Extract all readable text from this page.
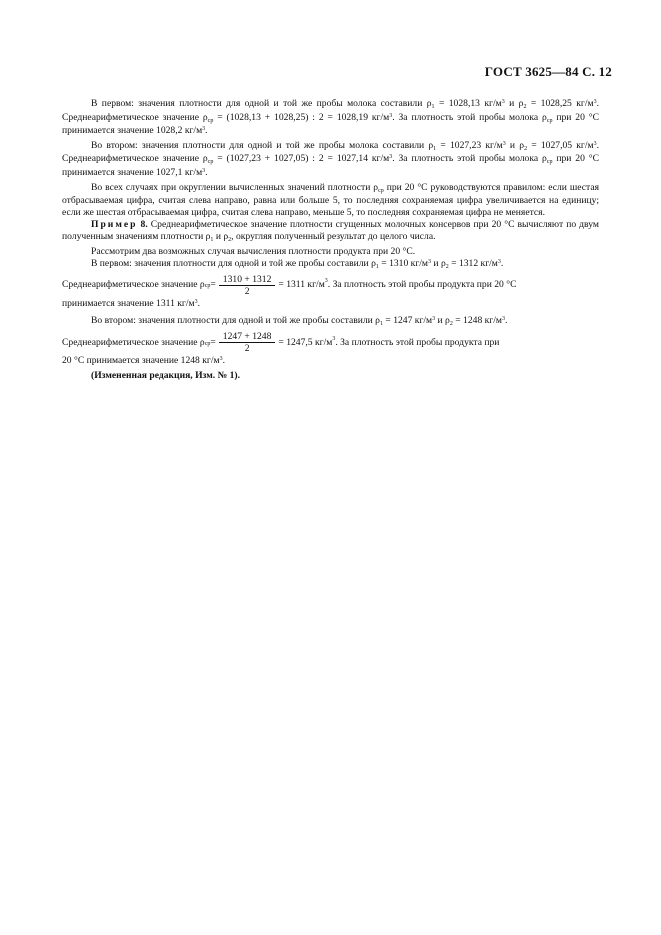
ГОСТ 3625—84 С. 12

В первом: значения плотности для одной и той же пробы молока составили $\rho_1 = 1028,13$ $кг/м^3$ и $\rho_2 = 1028,25$ $кг/м^3$. Среднеарифметическое значение $\rho_{ср} = (1028,13 + 1028,25)$ : 2 = 1028,19 $кг/м^3$. За плотность этой пробы молока $\rho_{ср}$ при 20 °С принимается значение 1028,2 $кг/м^3$.

Во втором: значения плотности для одной и той же пробы молока составили $\rho_1 = 1027,23$ $кг/м^3$ и $\rho_2 = 1027,05$ $кг/м^3$. Среднеарифметическое значение $\rho_{ср} = (1027,23 + 1027,05)$ : 2 = 1027,14 $кг/м^3$. За плотность этой пробы молока $\rho_{ср}$ при 20 °С принимается значение 1027,1 $кг/м^3$.

Во всех случаях при округлении вычисленных значений плотности $\rho_{ср}$ при 20 °С руководствуются правилом: если шестая отбрасываемая цифра, считая слева направо, равна или больше 5, то последняя сохраняемая цифра увеличивается на единицу; если же шестая отбрасываемая цифра, считая слева направо, меньше 5, то последняя сохраняемая цифра не меняется.

Пример 8. Среднеарифметическое значение плотности сгущенных молочных консервов при 20 °С вычисляют по двум полученным значениям плотности $\rho_1$ и $\rho_2$, округляя полученный результат до целого числа.

Рассмотрим два возможных случая вычисления плотности продукта при 20 °С.

В первом: значения плотности для одной и той же пробы составили $\rho_1 = 1310$ $кг/м^3$ и $\rho_2 = 1312$ $кг/м^3$.

Среднеарифметическое значение ρ ср = $\frac{1310 + 1312}{2} = 1311$ кг/м 3 . За плотность этой пробы продукта при 20 °С

принимается значение 1311 $кг/м^3$.

Во втором: значения плотности для одной и той же пробы составили $\rho_1 = 1247$ $кг/м^3$ и $\rho_2 = 1248$ $кг/м^3$.

Среднеарифметическое значение ρ ср = $\frac{1247 + 1248}{2} = 1247,5$ кг/м 3 . За плотность этой пробы продукта при

20 °С принимается значение 1248 $кг/м^3$.

(Измененная редакция, Изм. № 1).
